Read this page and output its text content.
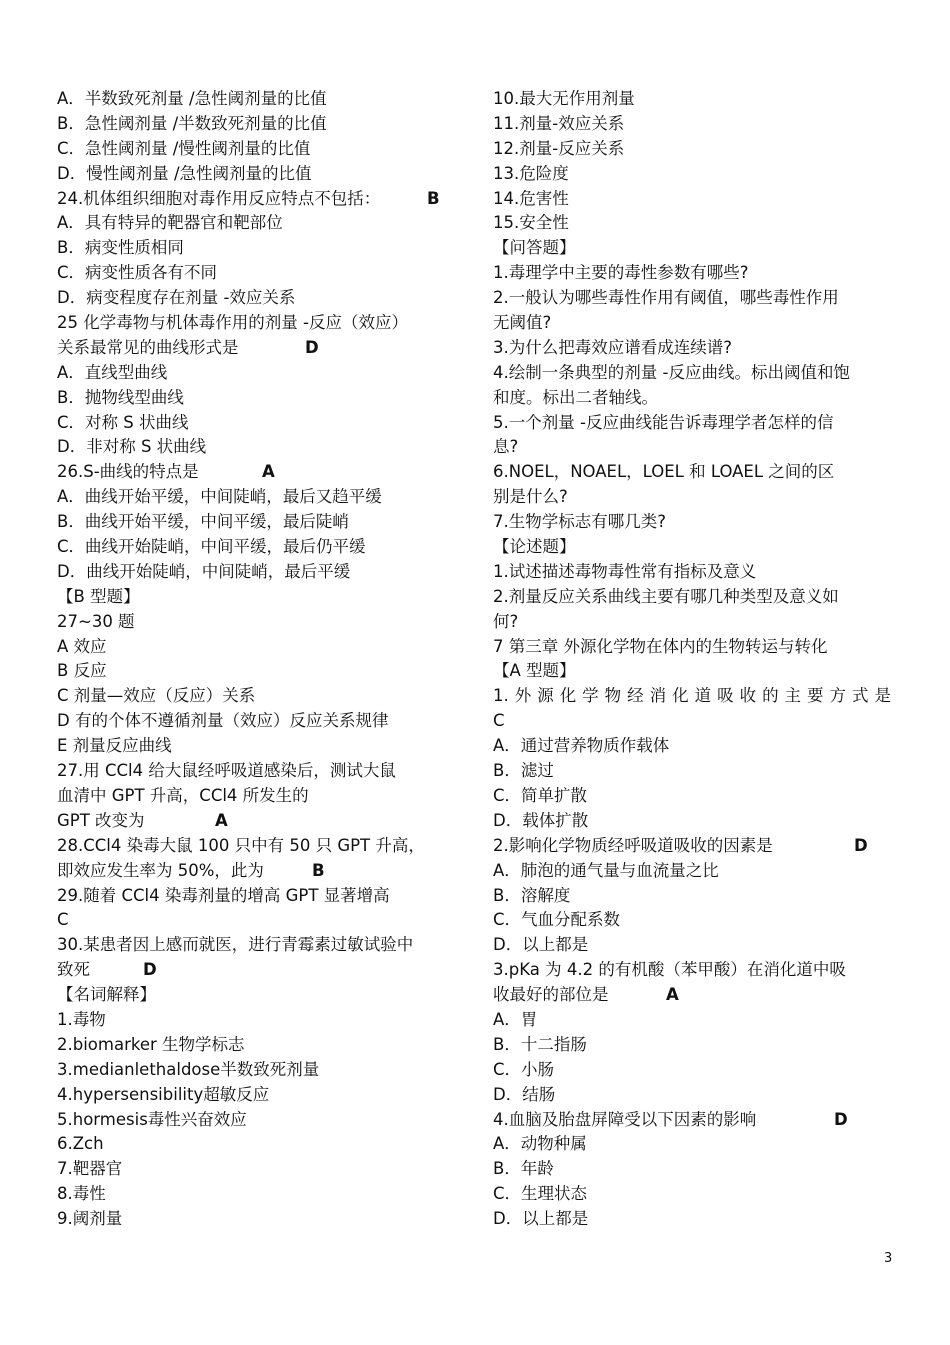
A．半数致死剂量 /急性阈剂量的比值
B．急性阈剂量 /半数致死剂量的比值
C．急性阈剂量 /慢性阈剂量的比值
D．慢性阈剂量 /急性阈剂量的比值
24.机体组织细胞对毒作用反应特点不包括：	B
A．具有特异的靶器官和靶部位
B．病变性质相同
C．病变性质各有不同
D．病变程度存在剂量 -效应关系
25 化学毒物与机体毒作用的剂量 -反应（效应）
关系最常见的曲线形式是	D
A．直线型曲线
B．抛物线型曲线
C．对称 S 状曲线
D．非对称 S 状曲线
26.S-曲线的特点是	A
A．曲线开始平缓，中间陡峭，最后又趋平缓
B．曲线开始平缓，中间平缓，最后陡峭
C．曲线开始陡峭，中间平缓，最后仍平缓
D．曲线开始陡峭，中间陡峭，最后平缓
【B 型题】
27~30 题
A 效应
B 反应
C 剂量—效应（反应）关系
D 有的个体不遵循剂量（效应）反应关系规律
E 剂量反应曲线
27.用 CCl4 给大鼠经呼吸道感染后，测试大鼠
血清中 GPT 升高，CCl4 所发生的
GPT 改变为	A
28.CCl4 染毒大鼠 100 只中有 50 只 GPT 升高，
即效应发生率为 50%，此为	B
29.随着 CCl4 染毒剂量的增高 GPT 显著增高
C
30.某患者因上感而就医，进行青霉素过敏试验中
致死	D
【名词解释】
1.毒物
2.biomarker 生物学标志
3.medianlethaldose半数致死剂量
4.hypersensibility超敏反应
5.hormesis毒性兴奋效应
6.Zch
7.靶器官
8.毒性
9.阈剂量
10.最大无作用剂量
11.剂量-效应关系
12.剂量-反应关系
13.危险度
14.危害性
15.安全性
【问答题】
1.毒理学中主要的毒性参数有哪些?
2.一般认为哪些毒性作用有阈值，哪些毒性作用
无阈值?
3.为什么把毒效应谱看成连续谱?
4.绘制一条典型的剂量 -反应曲线。标出阈值和饱
和度。标出二者轴线。
5.一个剂量 -反应曲线能告诉毒理学者怎样的信
息?
6.NOEL，NOAEL，LOEL 和 LOAEL 之间的区
别是什么?
7.生物学标志有哪几类?
【论述题】
1.试述描述毒物毒性常有指标及意义
2.剂量反应关系曲线主要有哪几种类型及意义如
何?
7 第三章 外源化学物在体内的生物转运与转化
【A 型题】
1.外源化学物经消化道吸收的主要方式是
C
A．通过营养物质作载体
B．滤过
C．简单扩散
D．载体扩散
2.影响化学物质经呼吸道吸收的因素是	D
A．肺泡的通气量与血流量之比
B．溶解度
C．气血分配系数
D．以上都是
3.pKa 为 4.2 的有机酸（苯甲酸）在消化道中吸
收最好的部位是	A
A．胃
B．十二指肠
C．小肠
D．结肠
4.血脑及胎盘屏障受以下因素的影响	D
A．动物种属
B．年龄
C．生理状态
D．以上都是
3
